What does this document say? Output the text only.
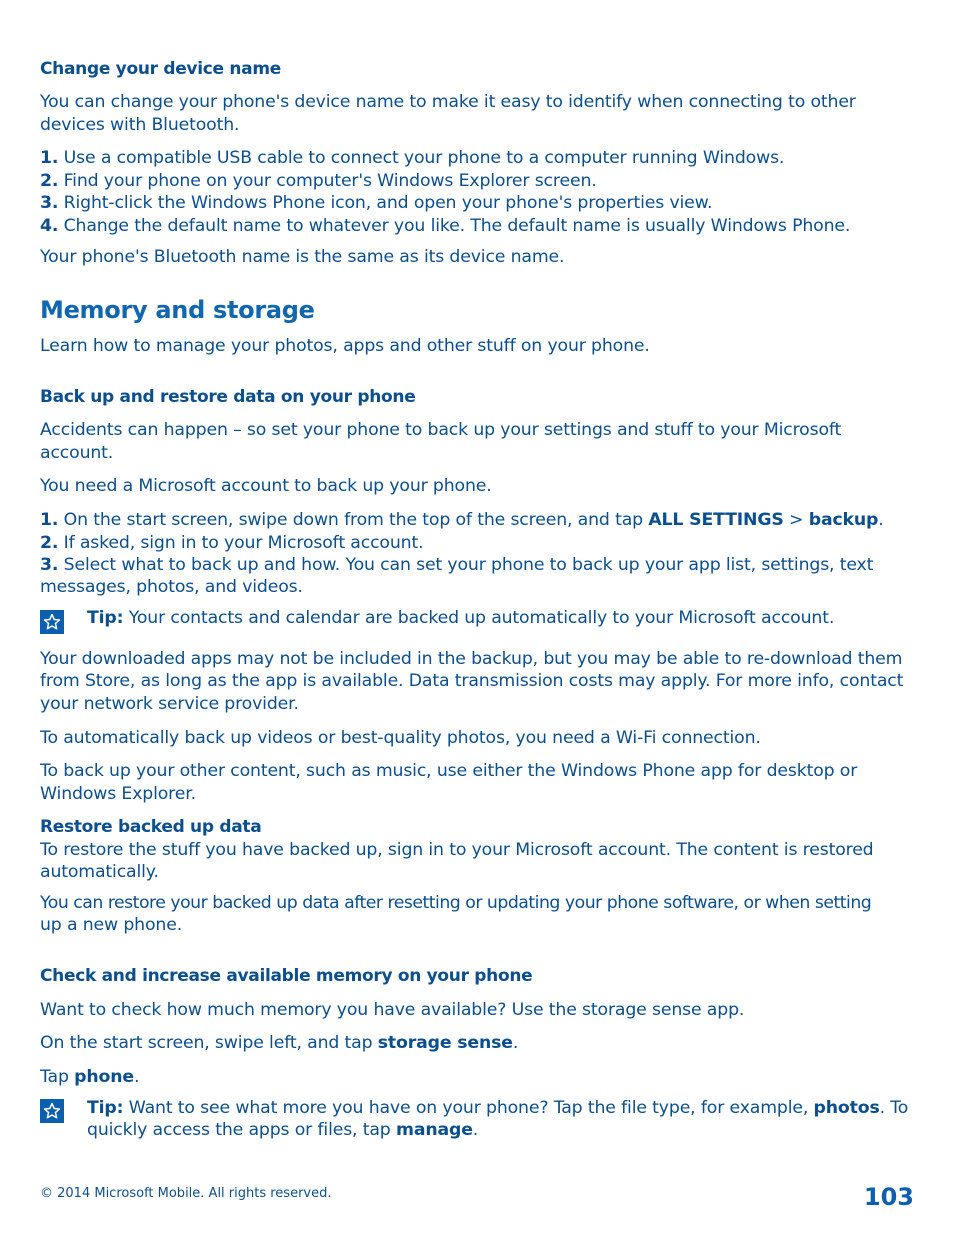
Change your device name
You can change your phone's device name to make it easy to identify when connecting to other
devices with Bluetooth.
1. Use a compatible USB cable to connect your phone to a computer running Windows.
2. Find your phone on your computer's Windows Explorer screen.
3. Right-click the Windows Phone icon, and open your phone's properties view.
4. Change the default name to whatever you like. The default name is usually Windows Phone.
Your phone's Bluetooth name is the same as its device name.
Memory and storage
Learn how to manage your photos, apps and other stuff on your phone.
Back up and restore data on your phone
Accidents can happen – so set your phone to back up your settings and stuff to your Microsoft
account.
You need a Microsoft account to back up your phone.
1. On the start screen, swipe down from the top of the screen, and tap ALL SETTINGS > backup.
2. If asked, sign in to your Microsoft account.
3. Select what to back up and how. You can set your phone to back up your app list, settings, text
messages, photos, and videos.
Tip: Your contacts and calendar are backed up automatically to your Microsoft account.
Your downloaded apps may not be included in the backup, but you may be able to re-download them
from Store, as long as the app is available. Data transmission costs may apply. For more info, contact
your network service provider.
To automatically back up videos or best-quality photos, you need a Wi-Fi connection.
To back up your other content, such as music, use either the Windows Phone app for desktop or
Windows Explorer.
Restore backed up data
To restore the stuff you have backed up, sign in to your Microsoft account. The content is restored
automatically.
You can restore your backed up data after resetting or updating your phone software, or when setting
up a new phone.
Check and increase available memory on your phone
Want to check how much memory you have available? Use the storage sense app.
On the start screen, swipe left, and tap storage sense.
Tap phone.
Tip: Want to see what more you have on your phone? Tap the file type, for example, photos. To
quickly access the apps or files, tap manage.
© 2014 Microsoft Mobile. All rights reserved.	103
